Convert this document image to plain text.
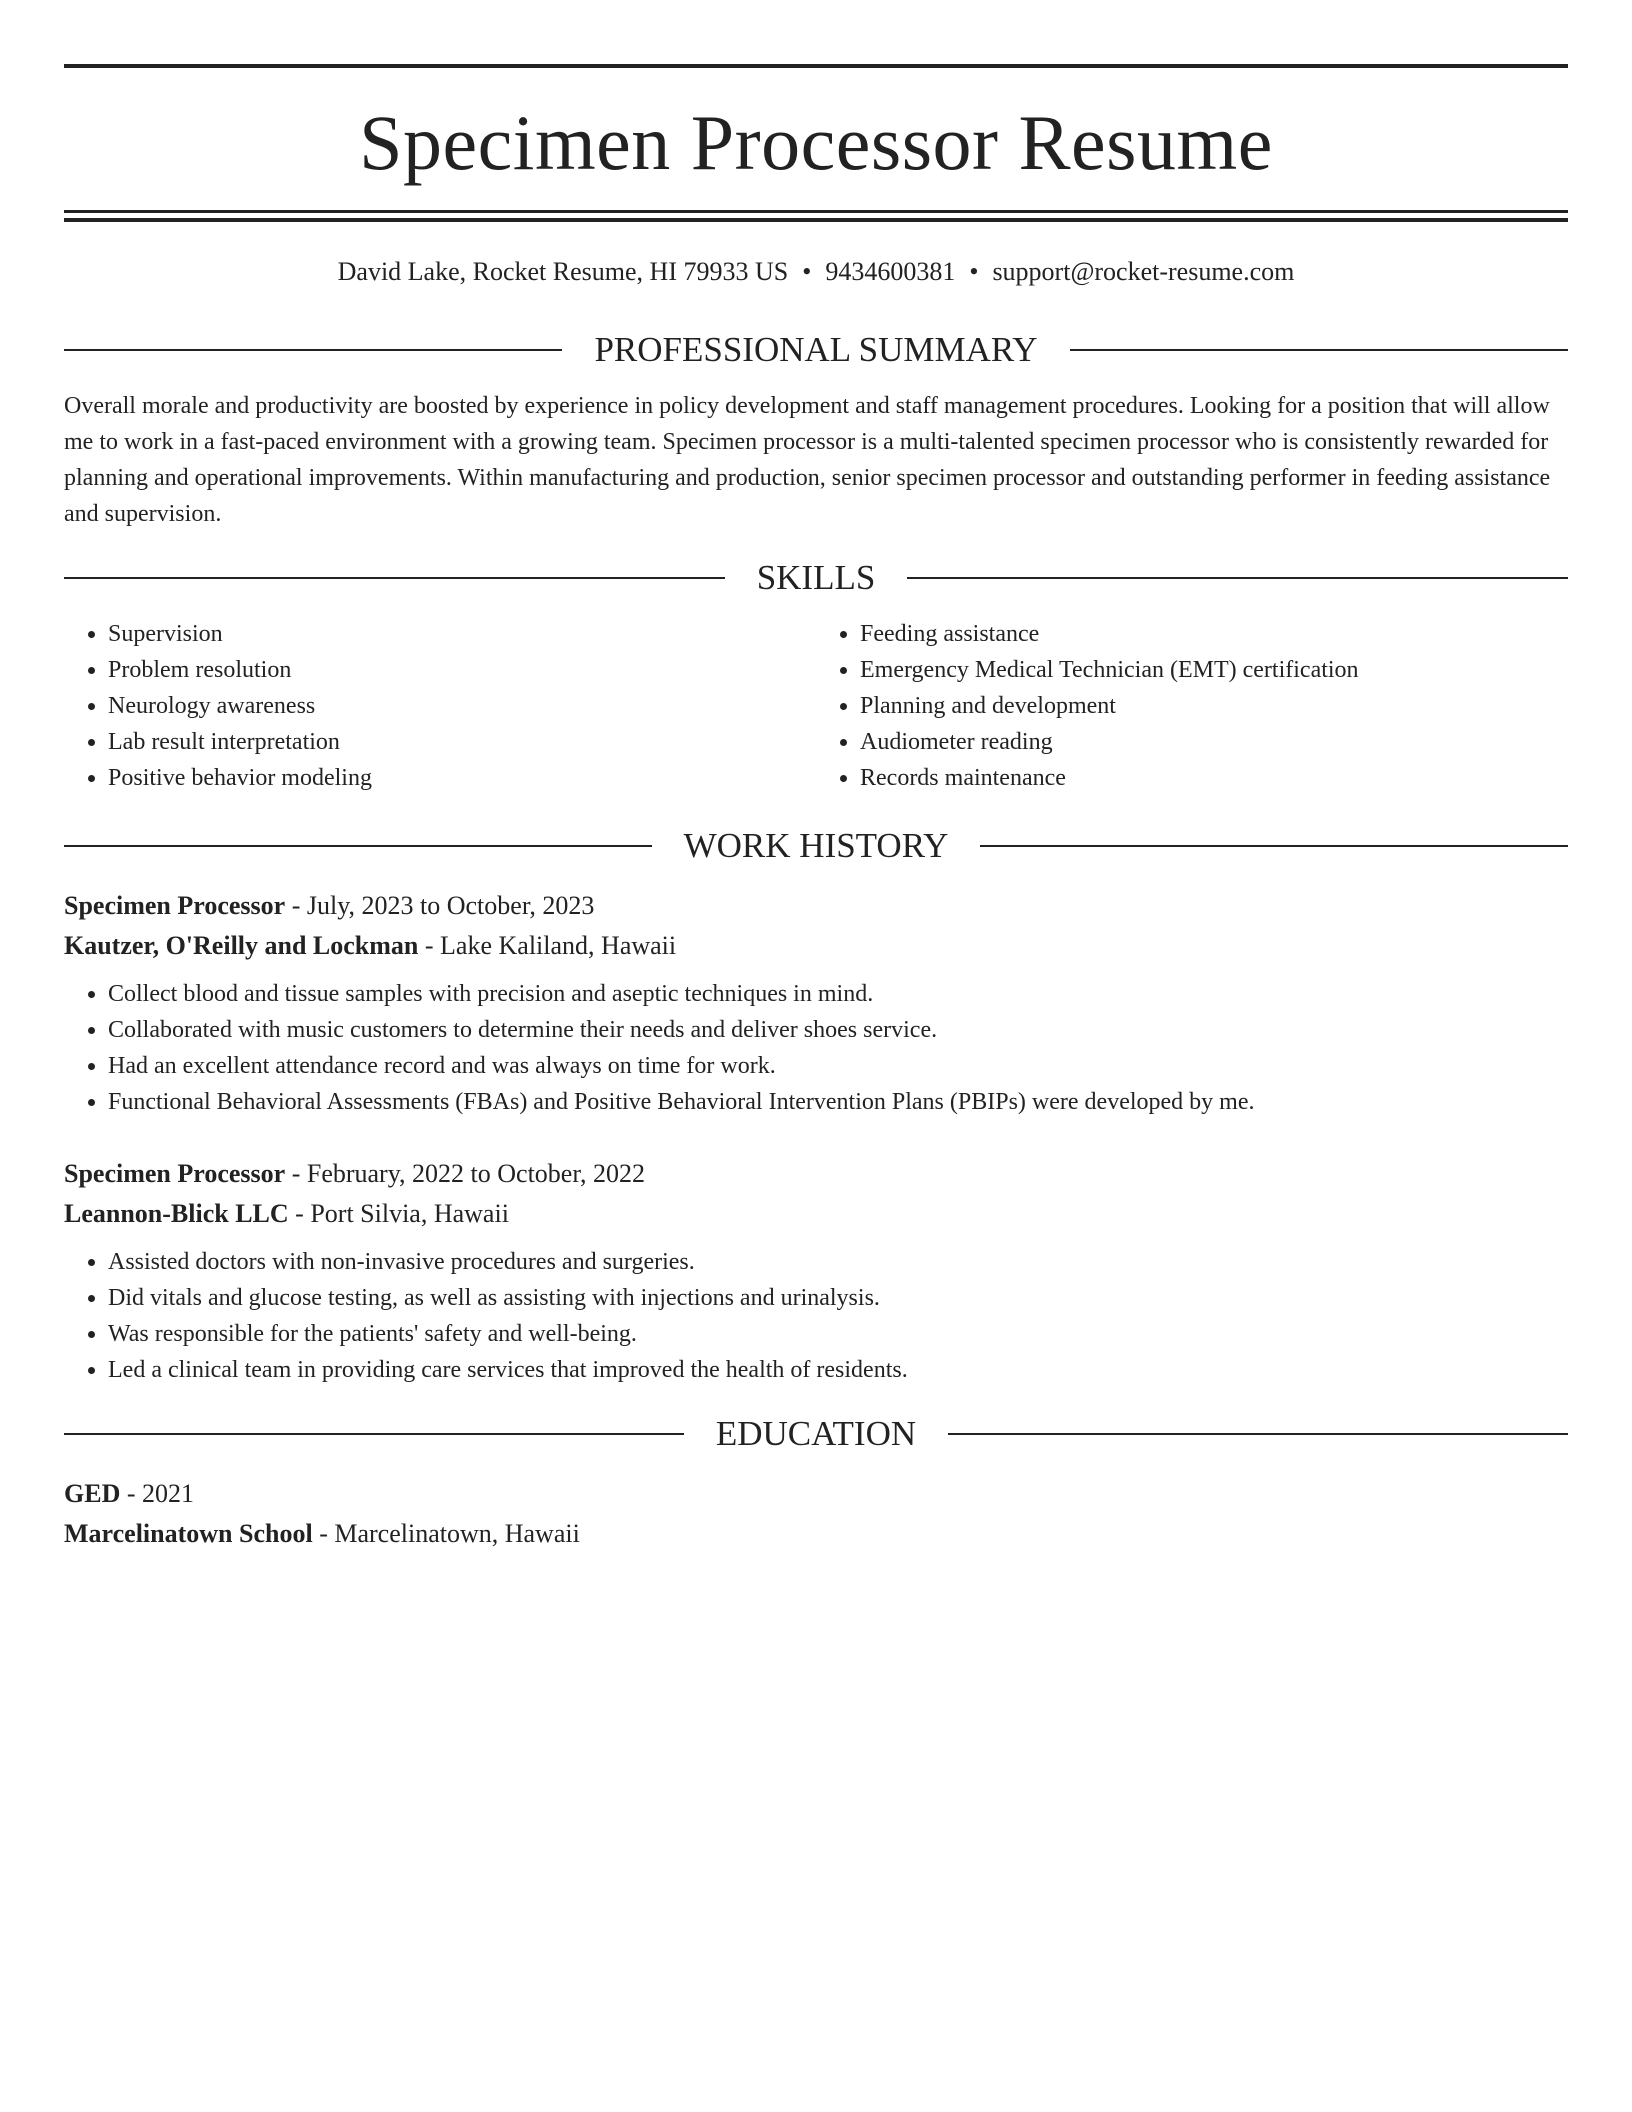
Specimen Processor Resume
David Lake, Rocket Resume, HI 79933 US • 9434600381 • support@rocket-resume.com
PROFESSIONAL SUMMARY

Overall morale and productivity are boosted by experience in policy development and staff management procedures. Looking for a position that will allow me to work in a fast-paced environment with a growing team. Specimen processor is a multi-talented specimen processor who is consistently rewarded for planning and operational improvements. Within manufacturing and production, senior specimen processor and outstanding performer in feeding assistance and supervision.

SKILLS
• Supervision
• Problem resolution
• Neurology awareness
• Lab result interpretation
• Positive behavior modeling
• Feeding assistance
• Emergency Medical Technician (EMT) certification
• Planning and development
• Audiometer reading
• Records maintenance
WORK HISTORY
Specimen Processor - July, 2023 to October, 2023
Kautzer, O'Reilly and Lockman - Lake Kaliland, Hawaii
• Collect blood and tissue samples with precision and aseptic techniques in mind.
• Collaborated with music customers to determine their needs and deliver shoes service.
• Had an excellent attendance record and was always on time for work.
• Functional Behavioral Assessments (FBAs) and Positive Behavioral Intervention Plans (PBIPs) were developed by me.
Specimen Processor - February, 2022 to October, 2022
Leannon-Blick LLC - Port Silvia, Hawaii
• Assisted doctors with non-invasive procedures and surgeries.
• Did vitals and glucose testing, as well as assisting with injections and urinalysis.
• Was responsible for the patients' safety and well-being.
• Led a clinical team in providing care services that improved the health of residents.
EDUCATION
GED - 2021
Marcelinatown School - Marcelinatown, Hawaii
